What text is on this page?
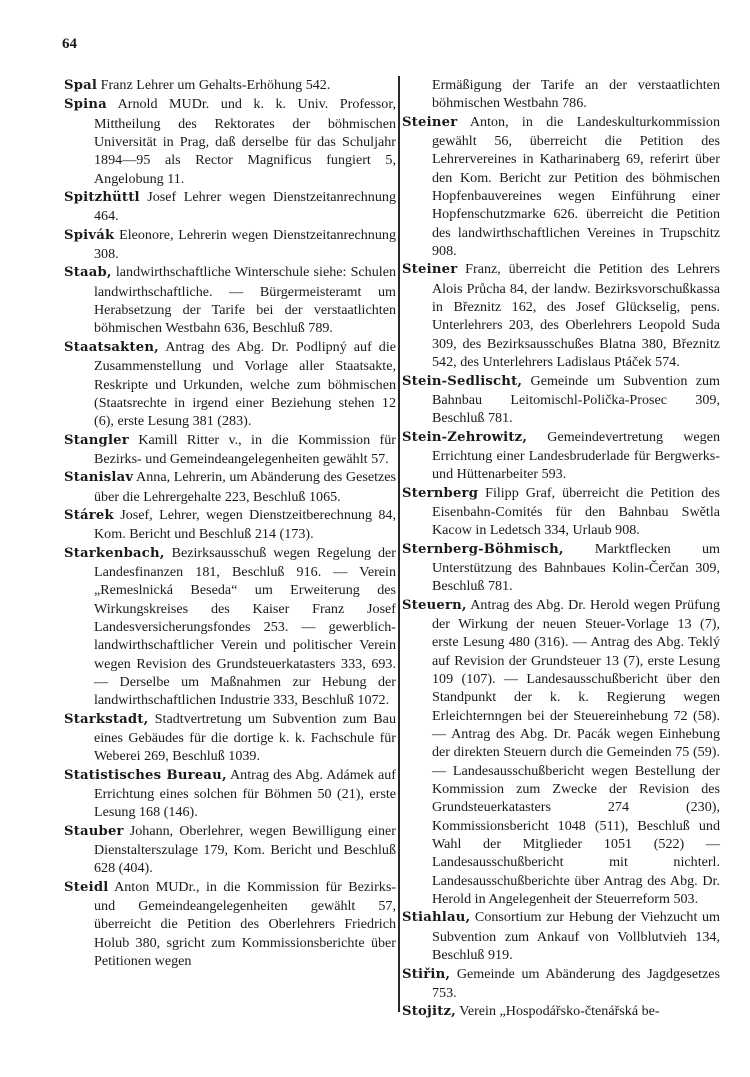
64

Spal Franz Lehrer um Gehalts-Erhöhung 542.

Spina Arnold MUDr. und k. k. Univ. Professor, Mittheilung des Rektorates der böhmischen Universität in Prag, daß derselbe für das Schuljahr 1894—95 als Rector Magnificus fungiert 5, Angelobung 11.

Spitzhüttl Josef Lehrer wegen Dienstzeitanrechnung 464.

Spivák Eleonore, Lehrerin wegen Dienstzeitanrechnung 308.

Staab, landwirthschaftliche Winterschule siehe: Schulen landwirthschaftliche. — Bürgermeisteramt um Herabsetzung der Tarife bei der verstaatlichten böhmischen Westbahn 636, Beschluß 789.

Staatsakten, Antrag des Abg. Dr. Podlipný auf die Zusammenstellung und Vorlage aller Staatsakte, Reskripte und Urkunden, welche zum böhmischen (Staatsrechte in irgend einer Beziehung stehen 12 (6), erste Lesung 381 (283).

Stangler Kamill Ritter v., in die Kommission für Bezirks- und Gemeindeangelegenheiten gewählt 57.

Stanislav Anna, Lehrerin, um Abänderung des Gesetzes über die Lehrergehalte 223, Beschluß 1065.

Stárek Josef, Lehrer, wegen Dienstzeitberechnung 84, Kom. Bericht und Beschluß 214 (173).

Starkenbach, Bezirksausschuß wegen Regelung der Landesfinanzen 181, Beschluß 916. — Verein „Remeslnická Beseda“ um Erweiterung des Wirkungskreises des Kaiser Franz Josef Landesversicherungsfondes 253. — gewerblich-landwirthschaftlicher Verein und politischer Verein wegen Revision des Grundsteuerkatasters 333, 693. — Derselbe um Maßnahmen zur Hebung der landwirthschaftlichen Industrie 333, Beschluß 1072.

Starkstadt, Stadtvertretung um Subvention zum Bau eines Gebäudes für die dortige k. k. Fachschule für Weberei 269, Beschluß 1039.

Statistisches Bureau, Antrag des Abg. Adámek auf Errichtung eines solchen für Böhmen 50 (21), erste Lesung 168 (146).

Stauber Johann, Oberlehrer, wegen Bewilligung einer Dienstalterszulage 179, Kom. Bericht und Beschluß 628 (404).

Steidl Anton MUDr., in die Kommission für Bezirks- und Gemeindeangelegenheiten gewählt 57, überreicht die Petition des Oberlehrers Friedrich Holub 380, sgricht zum Kommissionsberichte über Petitionen wegen

Ermäßigung der Tarife an der verstaatlichten böhmischen Westbahn 786.

Steiner Anton, in die Landeskulturkommission gewählt 56, überreicht die Petition des Lehrervereines in Katharinaberg 69, referirt über den Kom. Bericht zur Petition des böhmischen Hopfenbauvereines wegen Einführung einer Hopfenschutzmarke 626. überreicht die Petition des landwirthschaftlichen Vereines in Trupschitz 908.

Steiner Franz, überreicht die Petition des Lehrers Alois Průcha 84, der landw. Bezirksvorschußkassa in Březnitz 162, des Josef Glückselig, pens. Unterlehrers 203, des Oberlehrers Leopold Suda 309, des Bezirksausschußes Blatna 380, Březnitz 542, des Unterlehrers Ladislaus Ptáček 574.

Stein-Sedlischt, Gemeinde um Subvention zum Bahnbau Leitomischl-Polička-Prosec 309, Beschluß 781.

Stein-Zehrowitz, Gemeindevertretung wegen Errichtung einer Landesbruderlade für Bergwerks- und Hüttenarbeiter 593.

Sternberg Filipp Graf, überreicht die Petition des Eisenbahn-Comités für den Bahnbau Swětla Kacow in Ledetsch 334, Urlaub 908.

Sternberg-Böhmisch, Marktflecken um Unterstützung des Bahnbaues Kolin-Čerčan 309, Beschluß 781.

Steuern, Antrag des Abg. Dr. Herold wegen Prüfung der Wirkung der neuen Steuer-Vorlage 13 (7), erste Lesung 480 (316). — Antrag des Abg. Teklý auf Revision der Grundsteuer 13 (7), erste Lesung 109 (107). — Landesausschußbericht über den Standpunkt der k. k. Regierung wegen Erleichternngen bei der Steuereinhebung 72 (58). — Antrag des Abg. Dr. Pacák wegen Einhebung der direkten Steuern durch die Gemeinden 75 (59). — Landesausschußbericht wegen Bestellung der Kommission zum Zwecke der Revision des Grundsteuerkatasters 274 (230), Kommissionsbericht 1048 (511), Beschluß und Wahl der Mitglieder 1051 (522) — Landesausschußbericht mit nichterl. Landesausschußberichte über Antrag des Abg. Dr. Herold in Angelegenheit der Steuerreform 503.

Stiahlau, Consortium zur Hebung der Viehzucht um Subvention zum Ankauf von Vollblutvieh 134, Beschluß 919.

Stiřin, Gemeinde um Abänderung des Jagdgesetzes 753.

Stojitz, Verein „Hospodářsko-čtenářská be-
